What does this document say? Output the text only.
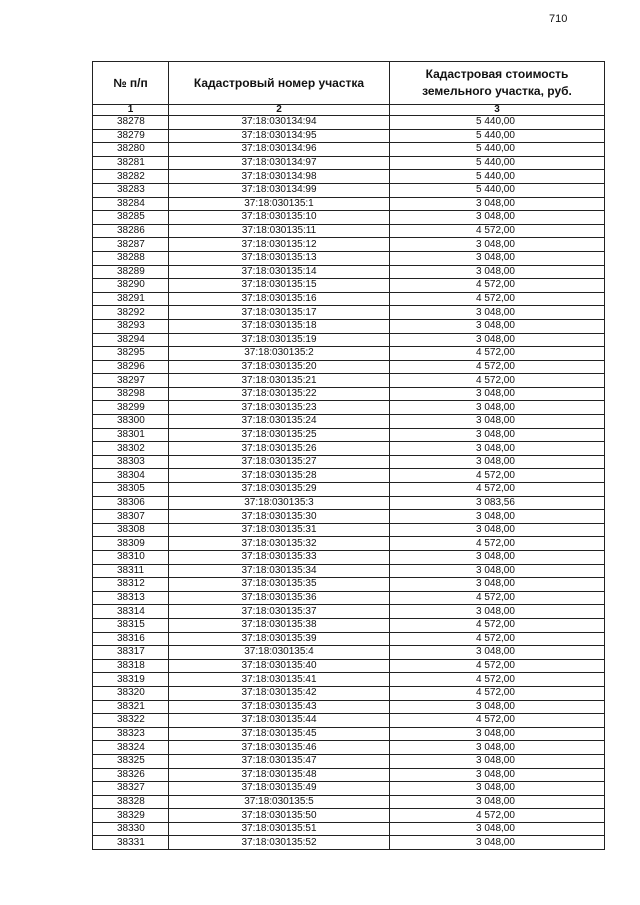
710
№ п/п	Кадастровый номер участка	Кадастровая стоимость
земельного участка, руб.
1	2	3
38278	37:18:030134:94	5 440,00
38279	37:18:030134:95	5 440,00
38280	37:18:030134:96	5 440,00
38281	37:18:030134:97	5 440,00
38282	37:18:030134:98	5 440,00
38283	37:18:030134:99	5 440,00
38284	37:18:030135:1	3 048,00
38285	37:18:030135:10	3 048,00
38286	37:18:030135:11	4 572,00
38287	37:18:030135:12	3 048,00
38288	37:18:030135:13	3 048,00
38289	37:18:030135:14	3 048,00
38290	37:18:030135:15	4 572,00
38291	37:18:030135:16	4 572,00
38292	37:18:030135:17	3 048,00
38293	37:18:030135:18	3 048,00
38294	37:18:030135:19	3 048,00
38295	37:18:030135:2	4 572,00
38296	37:18:030135:20	4 572,00
38297	37:18:030135:21	4 572,00
38298	37:18:030135:22	3 048,00
38299	37:18:030135:23	3 048,00
38300	37:18:030135:24	3 048,00
38301	37:18:030135:25	3 048,00
38302	37:18:030135:26	3 048,00
38303	37:18:030135:27	3 048,00
38304	37:18:030135:28	4 572,00
38305	37:18:030135:29	4 572,00
38306	37:18:030135:3	3 083,56
38307	37:18:030135:30	3 048,00
38308	37:18:030135:31	3 048,00
38309	37:18:030135:32	4 572,00
38310	37:18:030135:33	3 048,00
38311	37:18:030135:34	3 048,00
38312	37:18:030135:35	3 048,00
38313	37:18:030135:36	4 572,00
38314	37:18:030135:37	3 048,00
38315	37:18:030135:38	4 572,00
38316	37:18:030135:39	4 572,00
38317	37:18:030135:4	3 048,00
38318	37:18:030135:40	4 572,00
38319	37:18:030135:41	4 572,00
38320	37:18:030135:42	4 572,00
38321	37:18:030135:43	3 048,00
38322	37:18:030135:44	4 572,00
38323	37:18:030135:45	3 048,00
38324	37:18:030135:46	3 048,00
38325	37:18:030135:47	3 048,00
38326	37:18:030135:48	3 048,00
38327	37:18:030135:49	3 048,00
38328	37:18:030135:5	3 048,00
38329	37:18:030135:50	4 572,00
38330	37:18:030135:51	3 048,00
38331	37:18:030135:52	3 048,00
